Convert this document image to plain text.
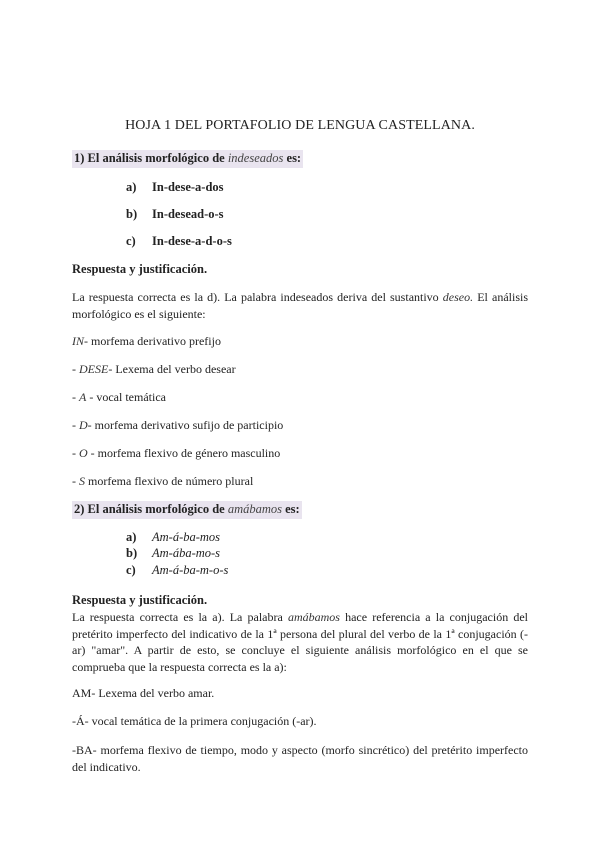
HOJA 1 DEL PORTAFOLIO DE LENGUA CASTELLANA.
1) El análisis morfológico de indeseados es:
a) In-dese-a-dos
b) In-desead-o-s
c) In-dese-a-d-o-s
Respuesta y justificación.
La respuesta correcta es la d). La palabra indeseados deriva del sustantivo deseo. El análisis morfológico es el siguiente:
IN- morfema derivativo prefijo
- DESE- Lexema del verbo desear
- A - vocal temática
- D- morfema derivativo sufijo de participio
- O - morfema flexivo de género masculino
- S morfema flexivo de número plural
2) El análisis morfológico de amábamos es:
a) Am-á-ba-mos
b) Am-ába-mo-s
c) Am-á-ba-m-o-s
Respuesta y justificación.
La respuesta correcta es la a). La palabra amábamos hace referencia a la conjugación del pretérito imperfecto del indicativo de la 1ª persona del plural del verbo de la 1ª conjugación (-ar) "amar". A partir de esto, se concluye el siguiente análisis morfológico en el que se comprueba que la respuesta correcta es la a):
AM- Lexema del verbo amar.
-Á- vocal temática de la primera conjugación (-ar).
-BA- morfema flexivo de tiempo, modo y aspecto (morfo sincrético) del pretérito imperfecto del indicativo.
